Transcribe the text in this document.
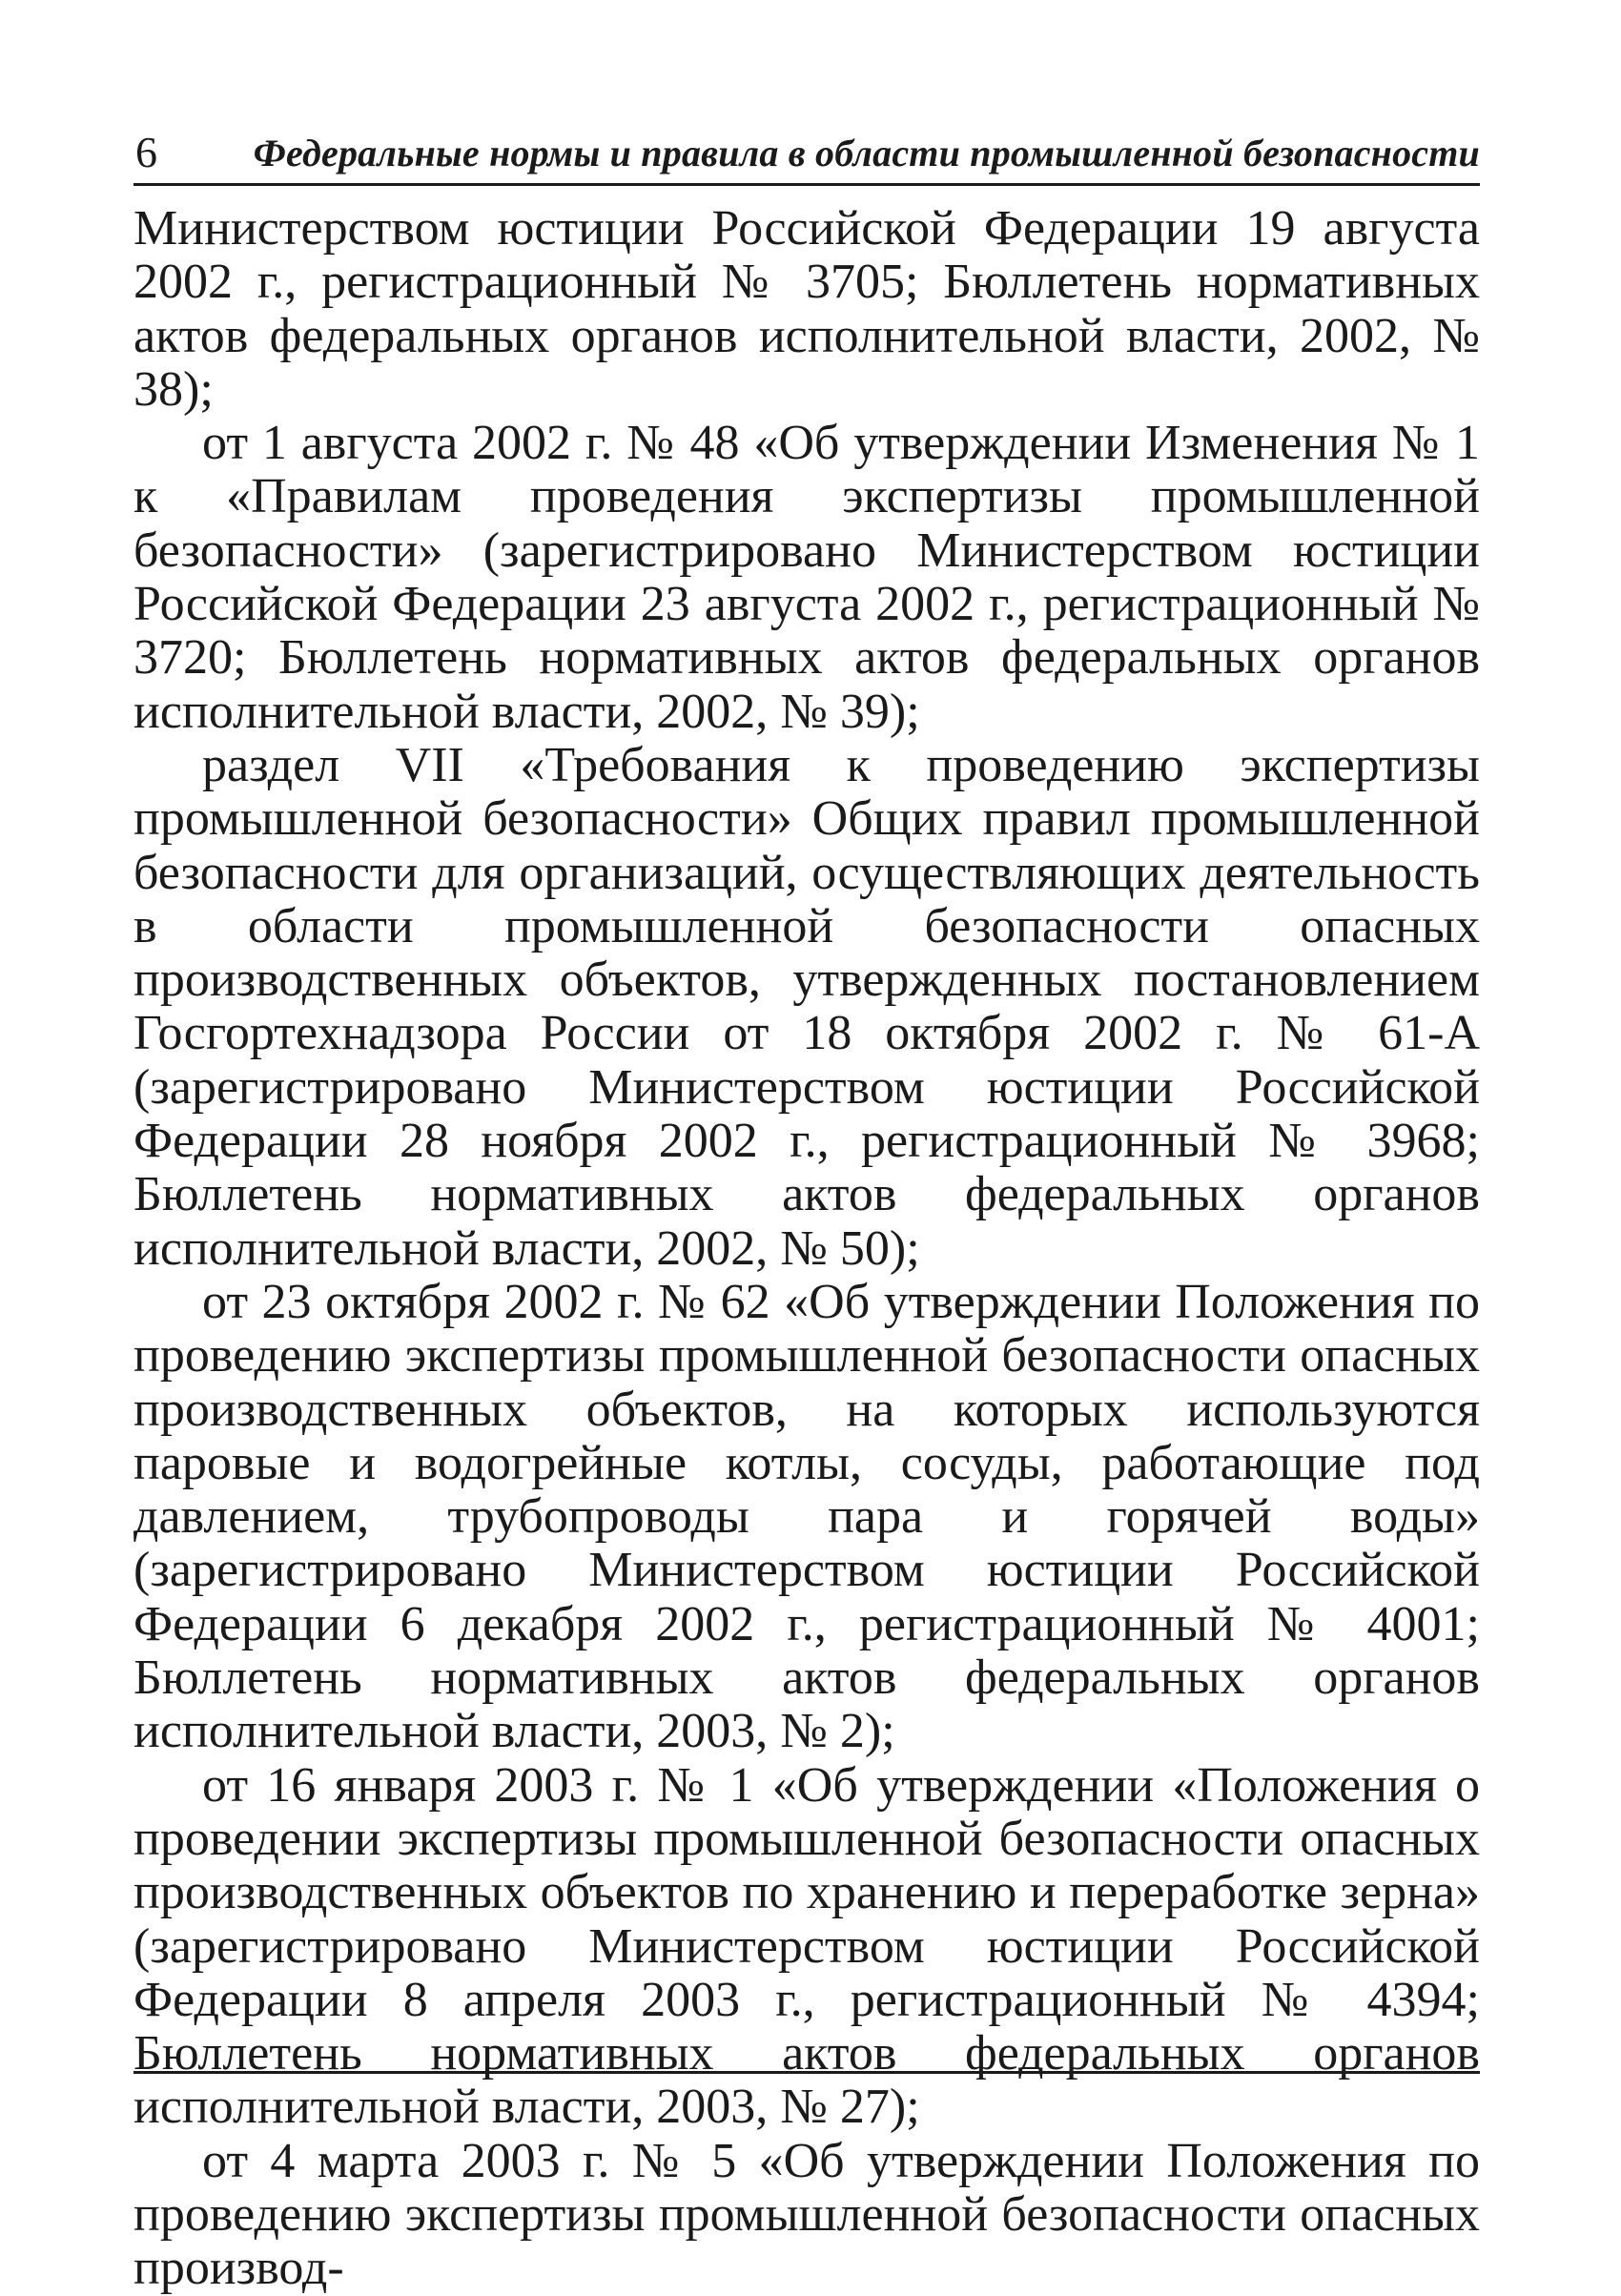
6	Федеральные нормы и правила в области промышленной безопасности

Министерством юстиции Российской Федерации 19 августа 2002 г., регистрационный № 3705; Бюллетень нормативных актов федеральных органов исполнительной власти, 2002, № 38);

от 1 августа 2002 г. № 48 «Об утверждении Изменения № 1 к «Правилам проведения экспертизы промышленной безопасности» (зарегистрировано Министерством юстиции Российской Федерации 23 августа 2002 г., регистрационный № 3720; Бюллетень нормативных актов федеральных органов исполнительной власти, 2002, № 39);

раздел VII «Требования к проведению экспертизы промышленной безопасности» Общих правил промышленной безопасности для организаций, осуществляющих деятельность в области промышленной безопасности опасных производственных объектов, утвержденных постановлением Госгортехнадзора России от 18 октября 2002 г. № 61-А (зарегистрировано Министерством юстиции Российской Федерации 28 ноября 2002 г., регистрационный № 3968; Бюллетень нормативных актов федеральных органов исполнительной власти, 2002, № 50);

от 23 октября 2002 г. № 62 «Об утверждении Положения по проведению экспертизы промышленной безопасности опасных производственных объектов, на которых используются паровые и водогрейные котлы, сосуды, работающие под давлением, трубопроводы пара и горячей воды» (зарегистрировано Министерством юстиции Российской Федерации 6 декабря 2002 г., регистрационный № 4001; Бюллетень нормативных актов федеральных органов исполнительной власти, 2003, № 2);

от 16 января 2003 г. № 1 «Об утверждении «Положения о проведении экспертизы промышленной безопасности опасных производственных объектов по хранению и переработке зерна» (зарегистрировано Министерством юстиции Российской Федерации 8 апреля 2003 г., регистрационный № 4394; Бюллетень нормативных актов федеральных органов исполнительной власти, 2003, № 27);

от 4 марта 2003 г. № 5 «Об утверждении Положения по проведению экспертизы промышленной безопасности опасных производ-
